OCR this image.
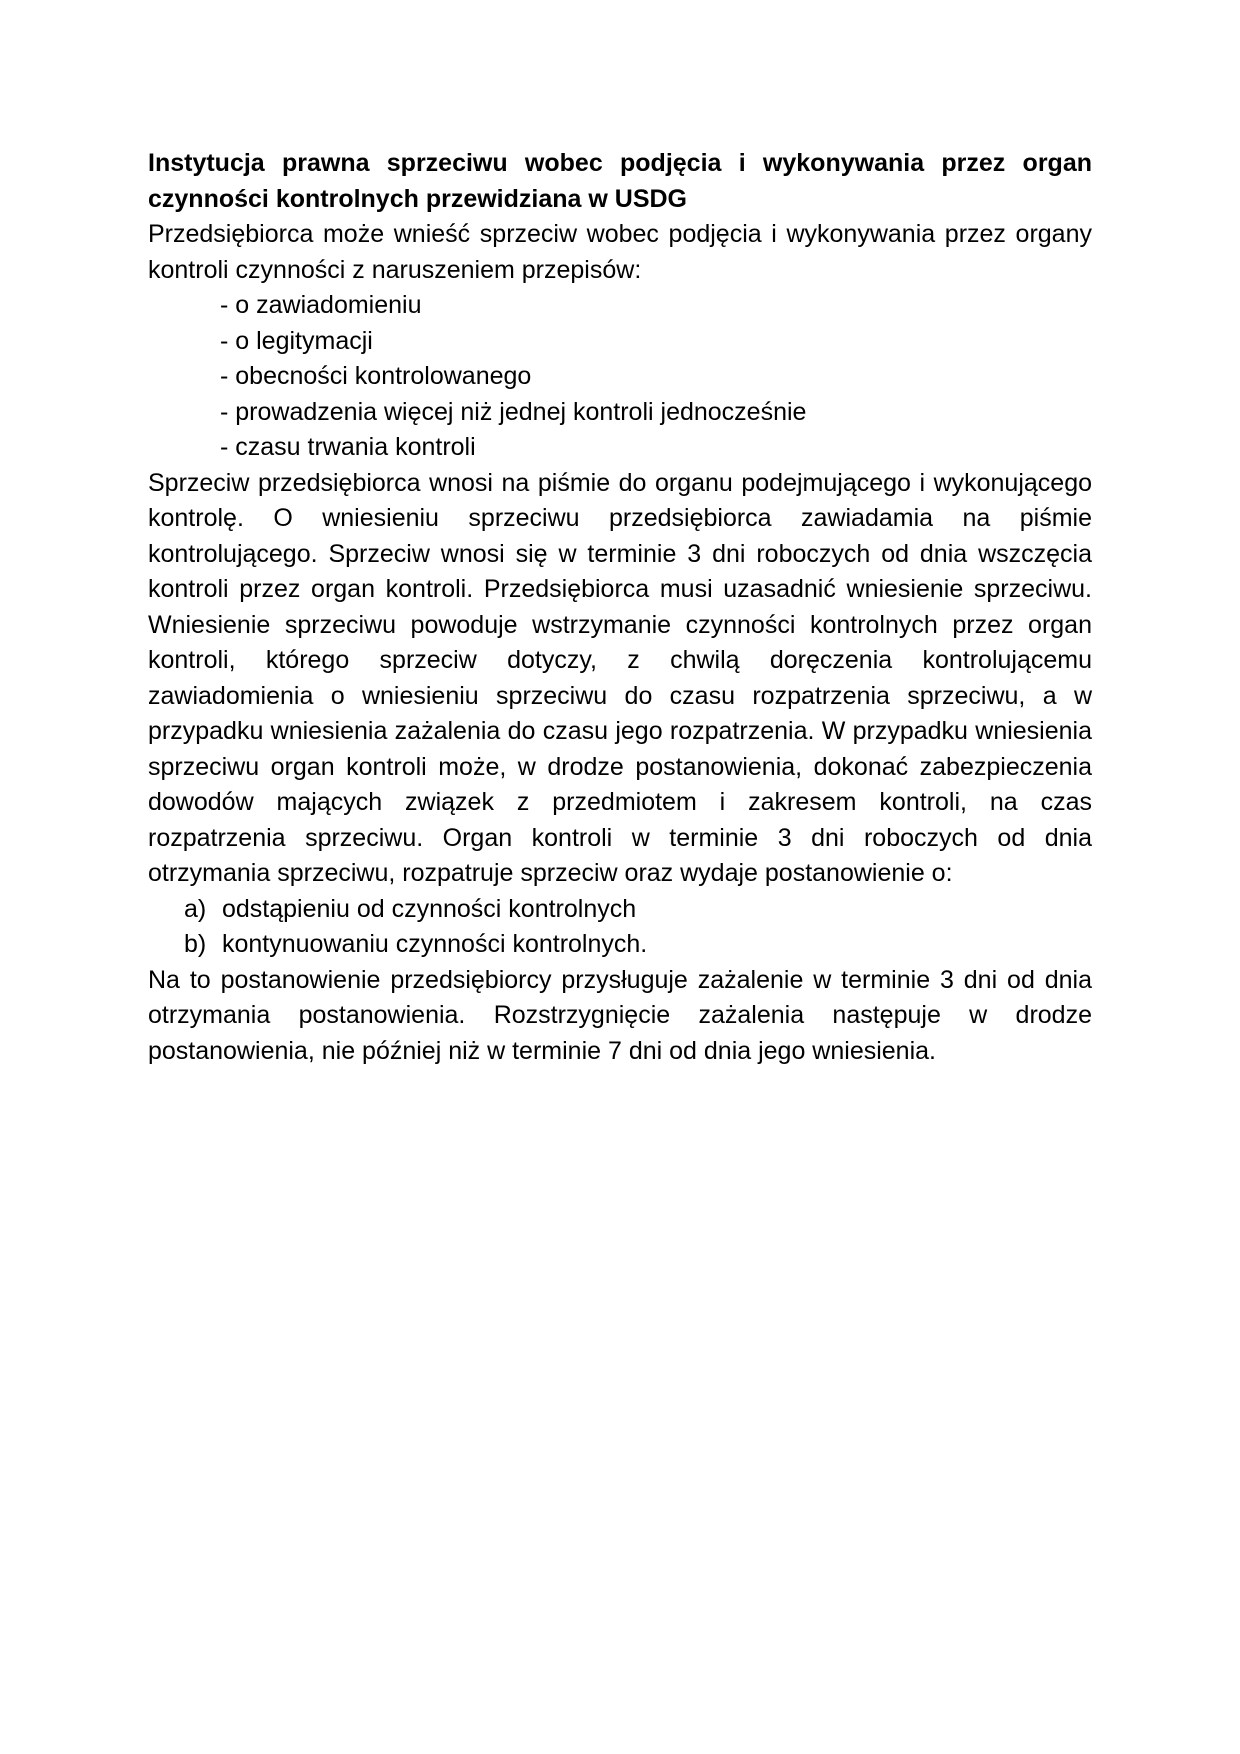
Instytucja prawna sprzeciwu wobec podjęcia i wykonywania przez organ czynności kontrolnych przewidziana w USDG

Przedsiębiorca może wnieść sprzeciw wobec podjęcia i wykonywania przez organy kontroli czynności z naruszeniem przepisów:

- o zawiadomieniu
- o legitymacji
- obecności kontrolowanego
- prowadzenia więcej niż jednej kontroli jednocześnie
- czasu trwania kontroli

Sprzeciw przedsiębiorca wnosi na piśmie do organu podejmującego i wykonującego kontrolę. O wniesieniu sprzeciwu przedsiębiorca zawiadamia na piśmie kontrolującego. Sprzeciw wnosi się w terminie 3 dni roboczych od dnia wszczęcia kontroli przez organ kontroli. Przedsiębiorca musi uzasadnić wniesienie sprzeciwu. Wniesienie sprzeciwu powoduje wstrzymanie czynności kontrolnych przez organ kontroli, którego sprzeciw dotyczy, z chwilą doręczenia kontrolującemu zawiadomienia o wniesieniu sprzeciwu do czasu rozpatrzenia sprzeciwu, a w przypadku wniesienia zażalenia do czasu jego rozpatrzenia. W przypadku wniesienia sprzeciwu organ kontroli może, w drodze postanowienia, dokonać zabezpieczenia dowodów mających związek z przedmiotem i zakresem kontroli, na czas rozpatrzenia sprzeciwu. Organ kontroli w terminie 3 dni roboczych od dnia otrzymania sprzeciwu, rozpatruje sprzeciw oraz wydaje postanowienie o:

a) odstąpieniu od czynności kontrolnych
b) kontynuowaniu czynności kontrolnych.

Na to postanowienie przedsiębiorcy przysługuje zażalenie w terminie 3 dni od dnia otrzymania postanowienia. Rozstrzygnięcie zażalenia następuje w drodze postanowienia, nie później niż w terminie 7 dni od dnia jego wniesienia.
